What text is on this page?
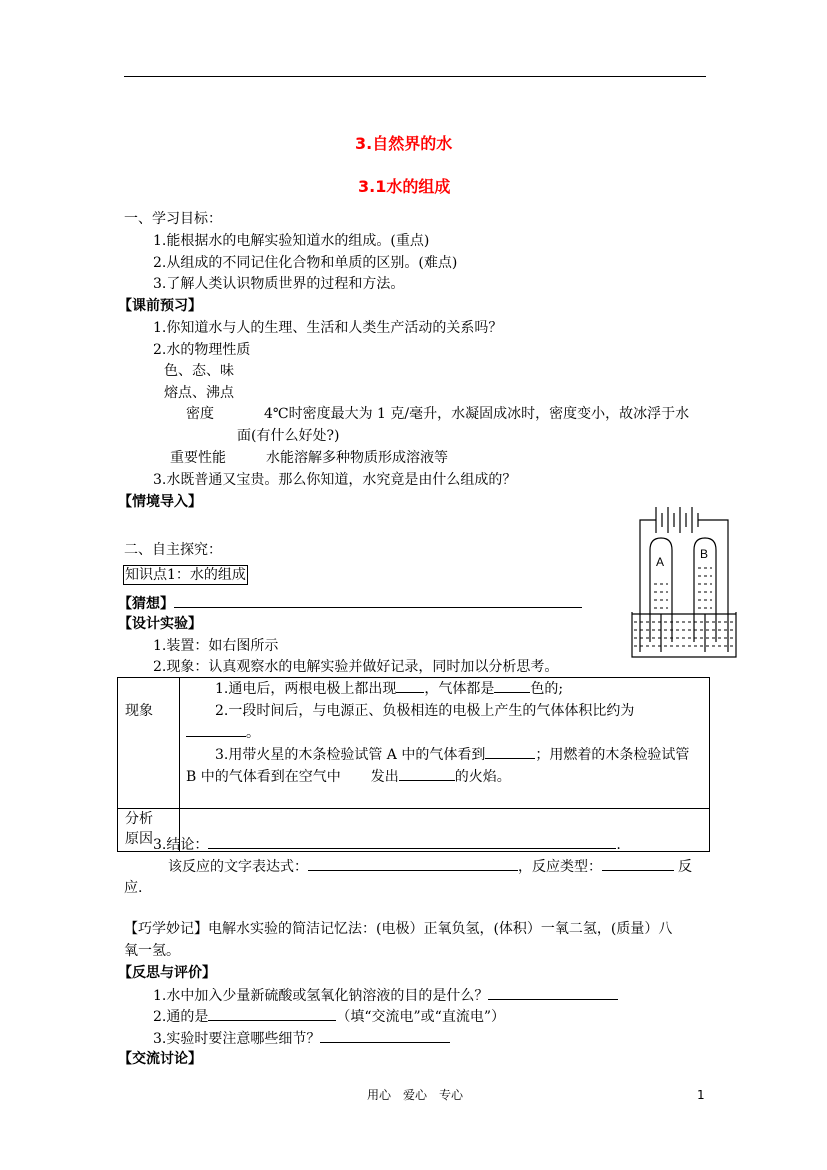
3.自然界的水
3.1水的组成
一、学习目标：
1.能根据水的电解实验知道水的组成。(重点)
2.从组成的不同记住化合物和单质的区别。(难点)
3.了解人类认识物质世界的过程和方法。
【课前预习】
1.你知道水与人的生理、生活和人类生产活动的关系吗？
2.水的物理性质
色、态、味
熔点、沸点
密度	4℃时密度最大为 1 克/毫升，水凝固成冰时，密度变小，故冰浮于水
面(有什么好处?)
重要性能	水能溶解多种物质形成溶液等
3.水既普通又宝贵。那么你知道，水究竟是由什么组成的？
【情境导入】
二、自主探究：
知识点1：水的组成
【猜想】
【设计实验】
1.装置：如右图所示
2.现象：认真观察水的电解实验并做好记录，同时加以分析思考。
A
B
现象	1.通电后，两根电极上都出现 ，气体都是 色的;
2.一段时间后，与电源正、负极相连的电极上产生的气体体积比约为
。
3.用带火星的木条检验试管 A 中的气体看到 ；用燃着的木条检验试管
B 中的气体看到在空气中 发出 的火焰。

分析
原因	
	3.结论：	.
该反应的文字表达式：	，反应类型：	反
应.
【巧学妙记】电解水实验的简洁记忆法：(电极）正氧负氢，(体积）一氧二氢，(质量）八
氧一氢。
【反思与评价】
1.水中加入少量新硫酸或氢氧化钠溶液的目的是什么？
2.通的是	（填“交流电”或“直流电”）
3.实验时要注意哪些细节？
【交流讨论】
用心　爱心　专心	1
